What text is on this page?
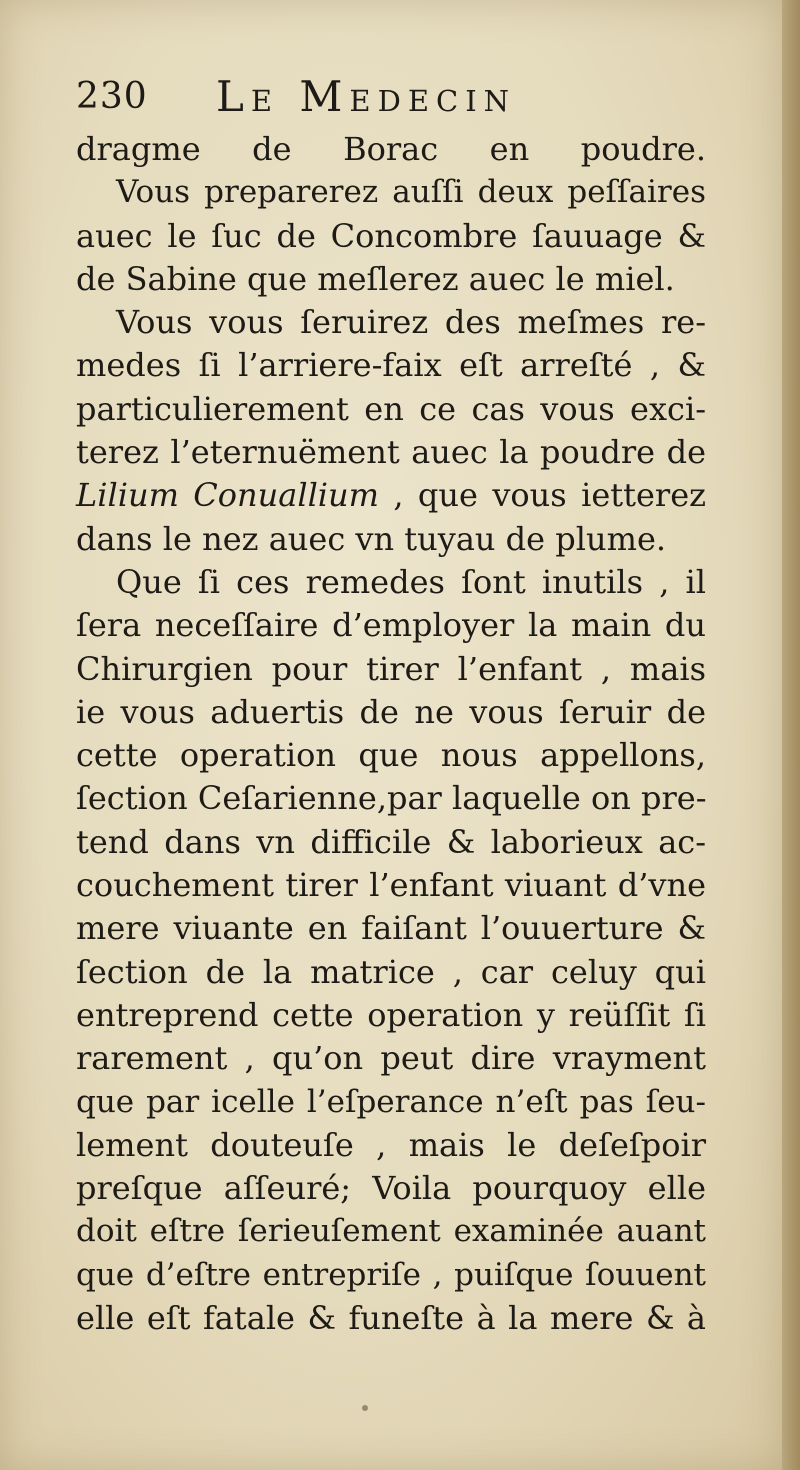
230 Le Medecin
dragme de Borac en poudre.
Vous preparerez auſſi deux peſſaires
auec le ſuc de Concombre ſauuage &
de Sabine que meſlerez auec le miel.
Vous vous ſeruirez des meſmes re-
medes ſi l’arriere-faix eſt arreſté , &
particulierement en ce cas vous exci-
terez l’eternuëment auec la poudre de
Lilium Conuallium , que vous ietterez
dans le nez auec vn tuyau de plume.
Que ſi ces remedes ſont inutils , il
ſera neceſſaire d’employer la main du
Chirurgien pour tirer l’enfant , mais
ie vous aduertis de ne vous ſeruir de
cette operation que nous appellons,
ſection Ceſarienne,par laquelle on pre-
tend dans vn difficile & laborieux ac-
couchement tirer l’enfant viuant d’vne
mere viuante en faiſant l’ouuerture &
ſection de la matrice , car celuy qui
entreprend cette operation y reüſſit ſi
rarement , qu’on peut dire vrayment
que par icelle l’eſperance n’eſt pas ſeu-
lement douteuſe , mais le deſeſpoir
preſque aſſeuré; Voila pourquoy elle
doit eſtre ſerieuſement examinée auant
que d’eſtre entrepriſe , puiſque ſouuent
elle eſt fatale & funeſte à la mere & à
